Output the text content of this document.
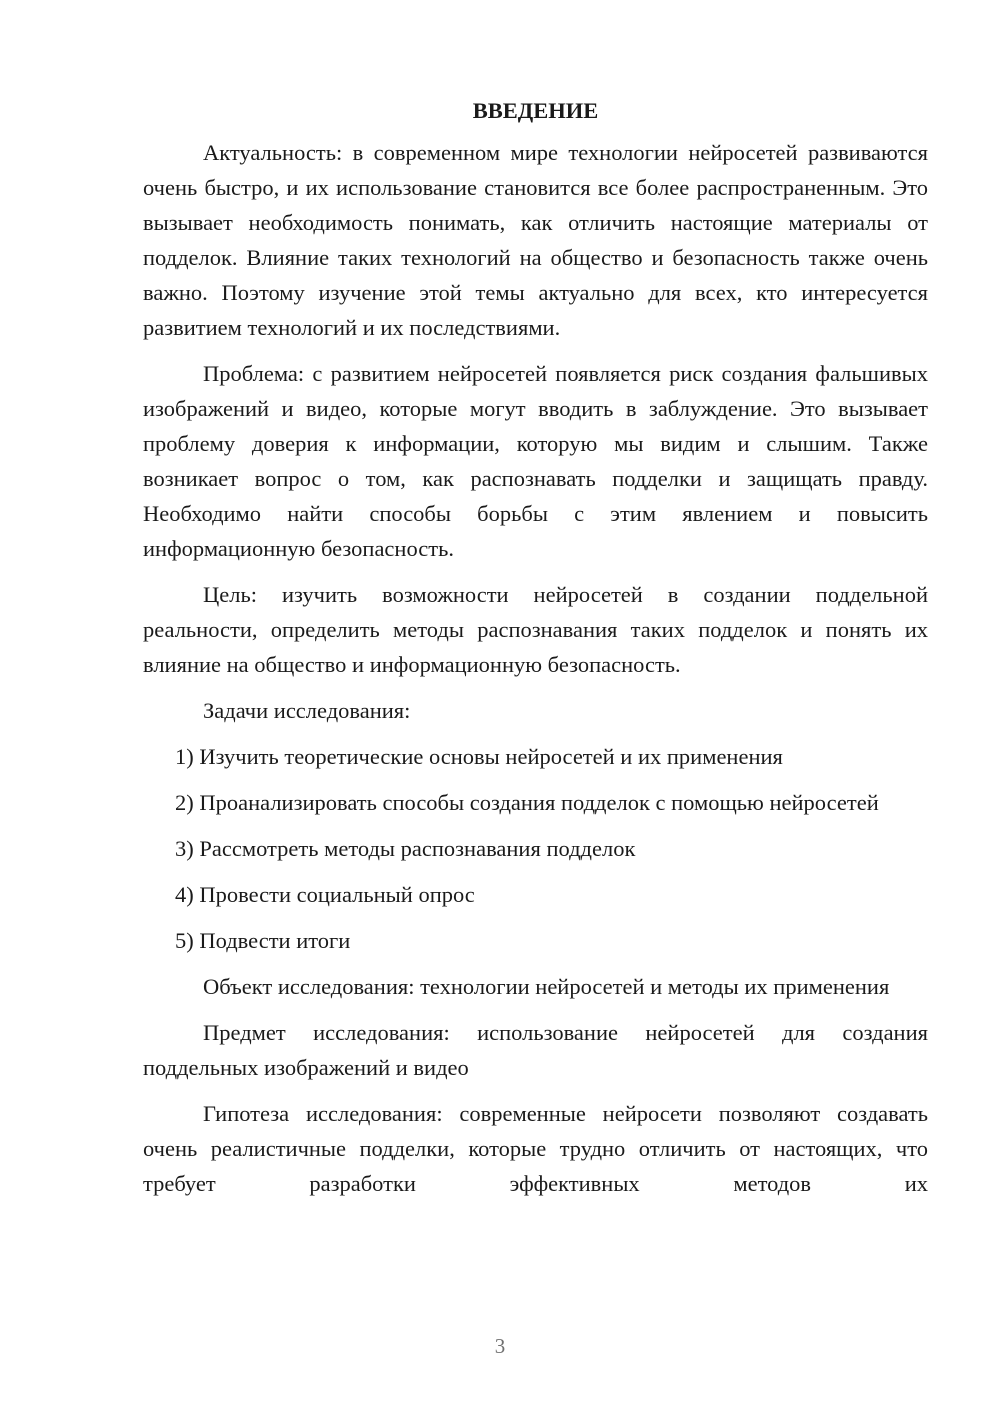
ВВЕДЕНИЕ

Актуальность: в современном мире технологии нейросетей развиваются очень быстро, и их использование становится все более распространенным. Это вызывает необходимость понимать, как отличить настоящие материалы от подделок. Влияние таких технологий на общество и безопасность также очень важно. Поэтому изучение этой темы актуально для всех, кто интересуется развитием технологий и их последствиями.

Проблема: с развитием нейросетей появляется риск создания фальшивых изображений и видео, которые могут вводить в заблуждение. Это вызывает проблему доверия к информации, которую мы видим и слышим. Также возникает вопрос о том, как распознавать подделки и защищать правду. Необходимо найти способы борьбы с этим явлением и повысить информационную безопасность.

Цель: изучить возможности нейросетей в создании поддельной реальности, определить методы распознавания таких подделок и понять их влияние на общество и информационную безопасность.

Задачи исследования:

1) Изучить теоретические основы нейросетей и их применения

2) Проанализировать способы создания подделок с помощью нейросетей

3) Рассмотреть методы распознавания подделок

4) Провести социальный опрос

5) Подвести итоги

Объект исследования: технологии нейросетей и методы их применения

Предмет исследования: использование нейросетей для создания поддельных изображений и видео

Гипотеза исследования: современные нейросети позволяют создавать очень реалистичные подделки, которые трудно отличить от настоящих, что требует разработки эффективных методов их

3
